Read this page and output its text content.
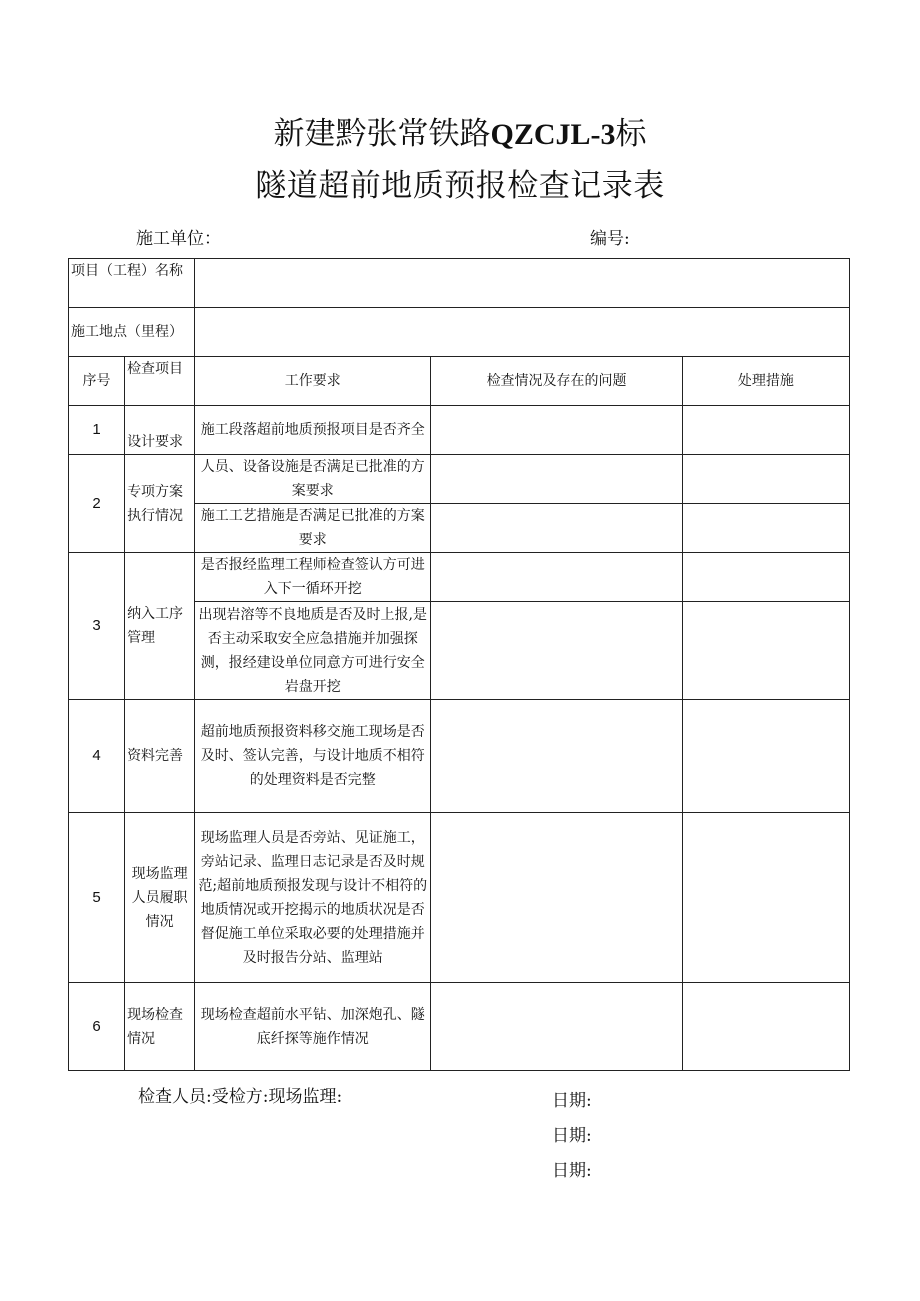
新建黔张常铁路QZCJL-3标
隧道超前地质预报检查记录表
施工单位：	编号:
项目（工程）名称				
施工地点（里程）				
序号	检查项目	工作要求	检查情况及存在的问题	处理措施
1	设计要求	施工段落超前地质预报项目是否齐全		
2	专项方案执行情况	人员、设备设施是否满足已批准的方案要求		
		施工工艺措施是否满足已批准的方案要求		
3	纳入工序管理	是否报经监理工程师检查签认方可进入下一循环开挖		
		出现岩溶等不良地质是否及时上报,是否主动采取安全应急措施并加强探测，报经建设单位同意方可进行安全岩盘开挖		
4	资料完善	超前地质预报资料移交施工现场是否及时、签认完善，与设计地质不相符的处理资料是否完整		
5	现场监理人员履职情况	现场监理人员是否旁站、见证施工，旁站记录、监理日志记录是否及时规范;超前地质预报发现与设计不相符的地质情况或开挖揭示的地质状况是否督促施工单位采取必要的处理措施并及时报告分站、监理站		
6	现场检查情况	现场检查超前水平钻、加深炮孔、隧底纤探等施作情况		
检查人员:受检方:现场监理:	日期:
日期:
日期:
